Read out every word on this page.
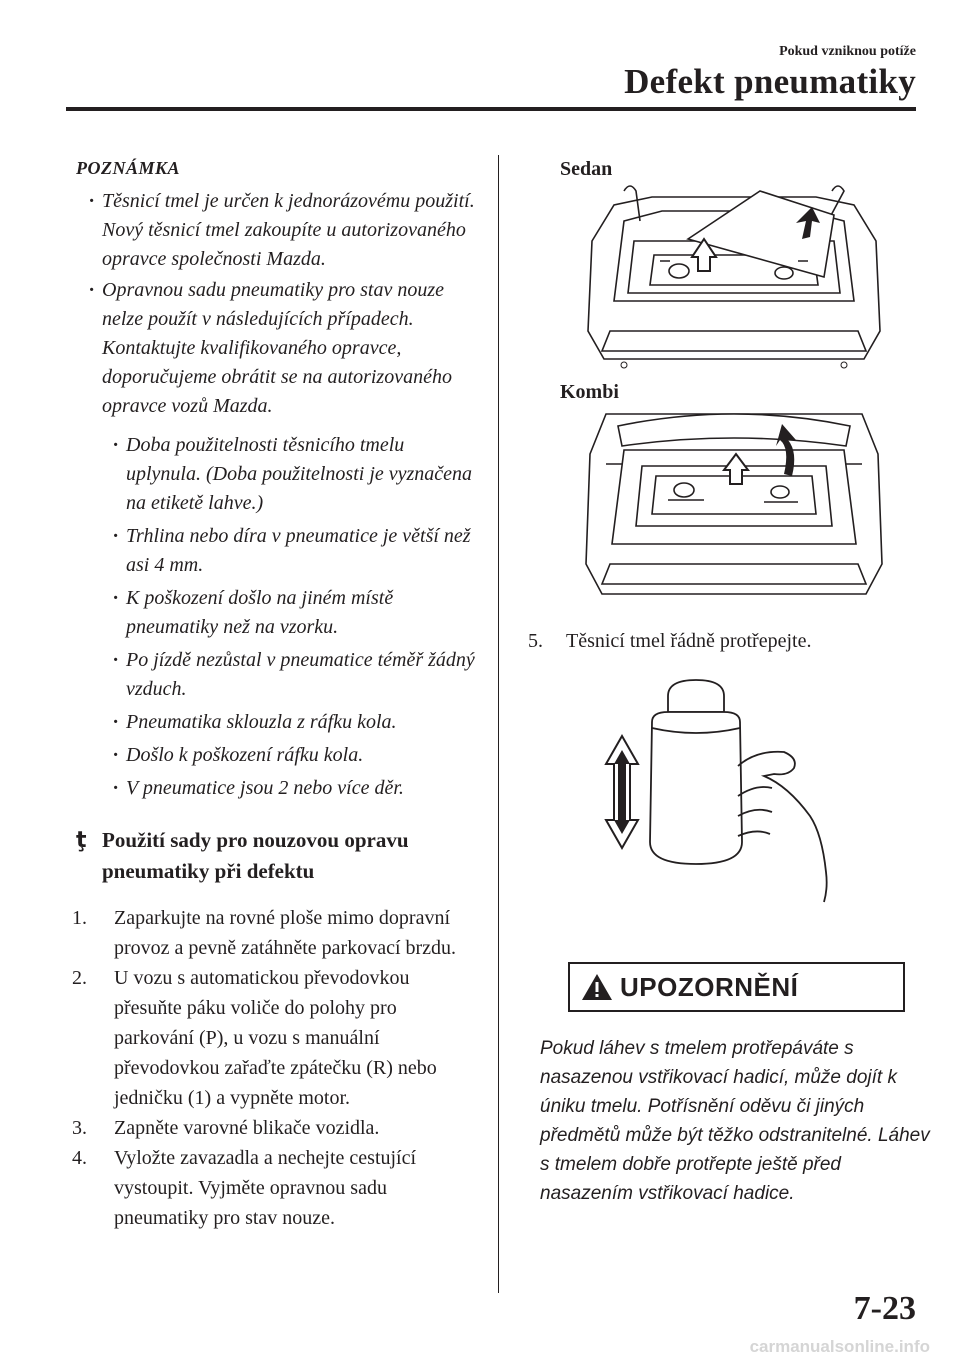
Pokud vzniknou potíže
Defekt pneumatiky
POZNÁMKA
· Těsnicí tmel je určen k jednorázovému použití. Nový těsnicí tmel zakoupíte u autorizovaného opravce společnosti Mazda.
· Opravnou sadu pneumatiky pro stav nouze nelze použít v následujících případech. Kontaktujte kvalifikovaného opravce, doporučujeme obrátit se na autorizovaného opravce vozů Mazda.
· Doba použitelnosti těsnicího tmelu uplynula. (Doba použitelnosti je vyznačena na etiketě lahve.)
· Trhlina nebo díra v pneumatice je větší než asi 4 mm.
· K poškození došlo na jiném místě pneumatiky než na vzorku.
· Po jízdě nezůstal v pneumatice téměř žádný vzduch.
· Pneumatika sklouzla z ráfku kola.
· Došlo k poškození ráfku kola.
· V pneumatice jsou 2 nebo více děr.
ţ Použití sady pro nouzovou opravu pneumatiky při defektu
1.	Zaparkujte na rovné ploše mimo dopravní provoz a pevně zatáhněte parkovací brzdu.
2.	U vozu s automatickou převodovkou přesuňte páku voliče do polohy pro parkování (P), u vozu s manuální převodovkou zařaďte zpátečku (R) nebo jedničku (1) a vypněte motor.
3.	Zapněte varovné blikače vozidla.
4.	Vyložte zavazadla a nechejte cestující vystoupit. Vyjměte opravnou sadu pneumatiky pro stav nouze.
Sedan
Kombi
5.	Těsnicí tmel řádně protřepejte.
UPOZORNĚNÍ
Pokud láhev s tmelem protřepáváte s nasazenou vstřikovací hadicí, může dojít k úniku tmelu. Potřísnění oděvu či jiných předmětů může být těžko odstranitelné. Láhev s tmelem dobře protřepte ještě před nasazením vstřikovací hadice.
7-23
carmanualsonline.info
